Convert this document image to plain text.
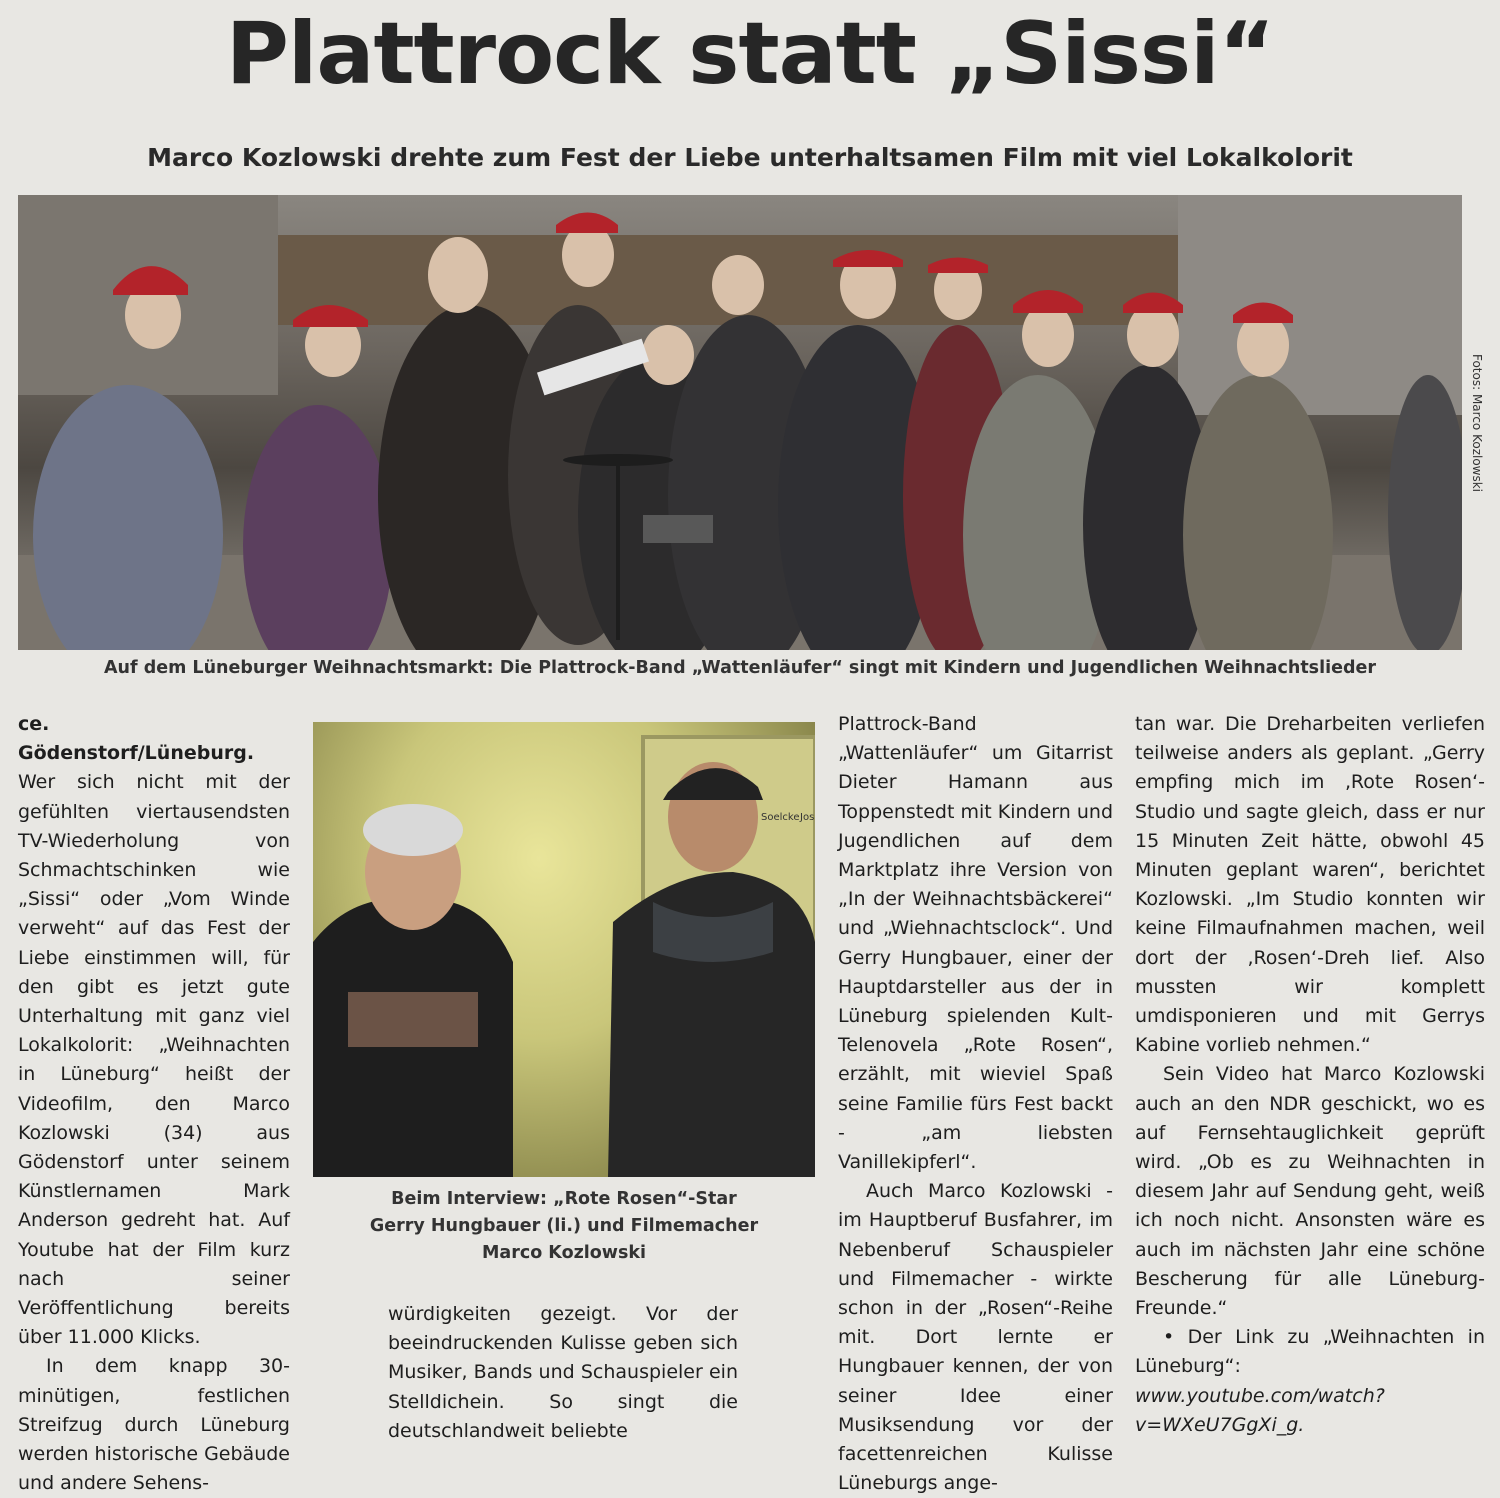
Plattrock statt „Sissi“
Marco Kozlowski drehte zum Fest der Liebe unterhaltsamen Film mit viel Lokalkolorit
Fotos: Marco Kozlowski
Auf dem Lüneburger Weihnachtsmarkt: Die Plattrock-Band „Wattenläufer“ singt mit Kindern und Jugendlichen Weihnachtslieder

ce. Gödenstorf/Lüneburg. Wer sich nicht mit der gefühlten viertausendsten TV-Wiederholung von Schmachtschinken wie „Sissi“ oder „Vom Winde verweht“ auf das Fest der Liebe einstimmen will, für den gibt es jetzt gute Unterhaltung mit ganz viel Lokalkolorit: „Weihnachten in Lüneburg“ heißt der Videofilm, den Marco Kozlowski (34) aus Gödenstorf unter seinem Künstlernamen Mark Anderson gedreht hat. Auf Youtube hat der Film kurz nach seiner Veröffentlichung bereits über 11.000 Klicks.

In dem knapp 30-minütigen, festlichen Streifzug durch Lüneburg werden historische Gebäude und andere Sehens-

Soelcke Jos
Beim Interview: „Rote Rosen“-Star
Gerry Hungbauer (li.) und Filmemacher
Marco Kozlowski

würdigkeiten gezeigt. Vor der beeindruckenden Kulisse geben sich Musiker, Bands und Schauspieler ein Stelldichein. So singt die deutschlandweit beliebte

Plattrock-Band „Wattenläufer“ um Gitarrist Dieter Hamann aus Toppenstedt mit Kindern und Jugendlichen auf dem Marktplatz ihre Version von „In der Weihnachtsbäckerei“ und „Wiehnachtsclock“. Und Gerry Hungbauer, einer der Hauptdarsteller aus der in Lüneburg spielenden Kult-Telenovela „Rote Rosen“, erzählt, mit wieviel Spaß seine Familie fürs Fest backt - „am liebsten Vanillekipferl“.

Auch Marco Kozlowski - im Hauptberuf Busfahrer, im Nebenberuf Schauspieler und Filmemacher - wirkte schon in der „Rosen“-Reihe mit. Dort lernte er Hungbauer kennen, der von seiner Idee einer Musiksendung vor der facettenreichen Kulisse Lüneburgs ange-

tan war. Die Dreharbeiten verliefen teilweise anders als geplant. „Gerry empfing mich im ‚Rote Rosen‘-Studio und sagte gleich, dass er nur 15 Minuten Zeit hätte, obwohl 45 Minuten geplant waren“, berichtet Kozlowski. „Im Studio konnten wir keine Filmaufnahmen machen, weil dort der ‚Rosen‘-Dreh lief. Also mussten wir komplett umdisponieren und mit Gerrys Kabine vorlieb nehmen.“

Sein Video hat Marco Kozlowski auch an den NDR geschickt, wo es auf Fernsehtauglichkeit geprüft wird. „Ob es zu Weihnachten in diesem Jahr auf Sendung geht, weiß ich noch nicht. Ansonsten wäre es auch im nächsten Jahr eine schöne Bescherung für alle Lüneburg-Freunde.“

• Der Link zu „Weihnachten in Lüneburg“: www.youtube.com/watch?v=WXeU7GgXi_g.
